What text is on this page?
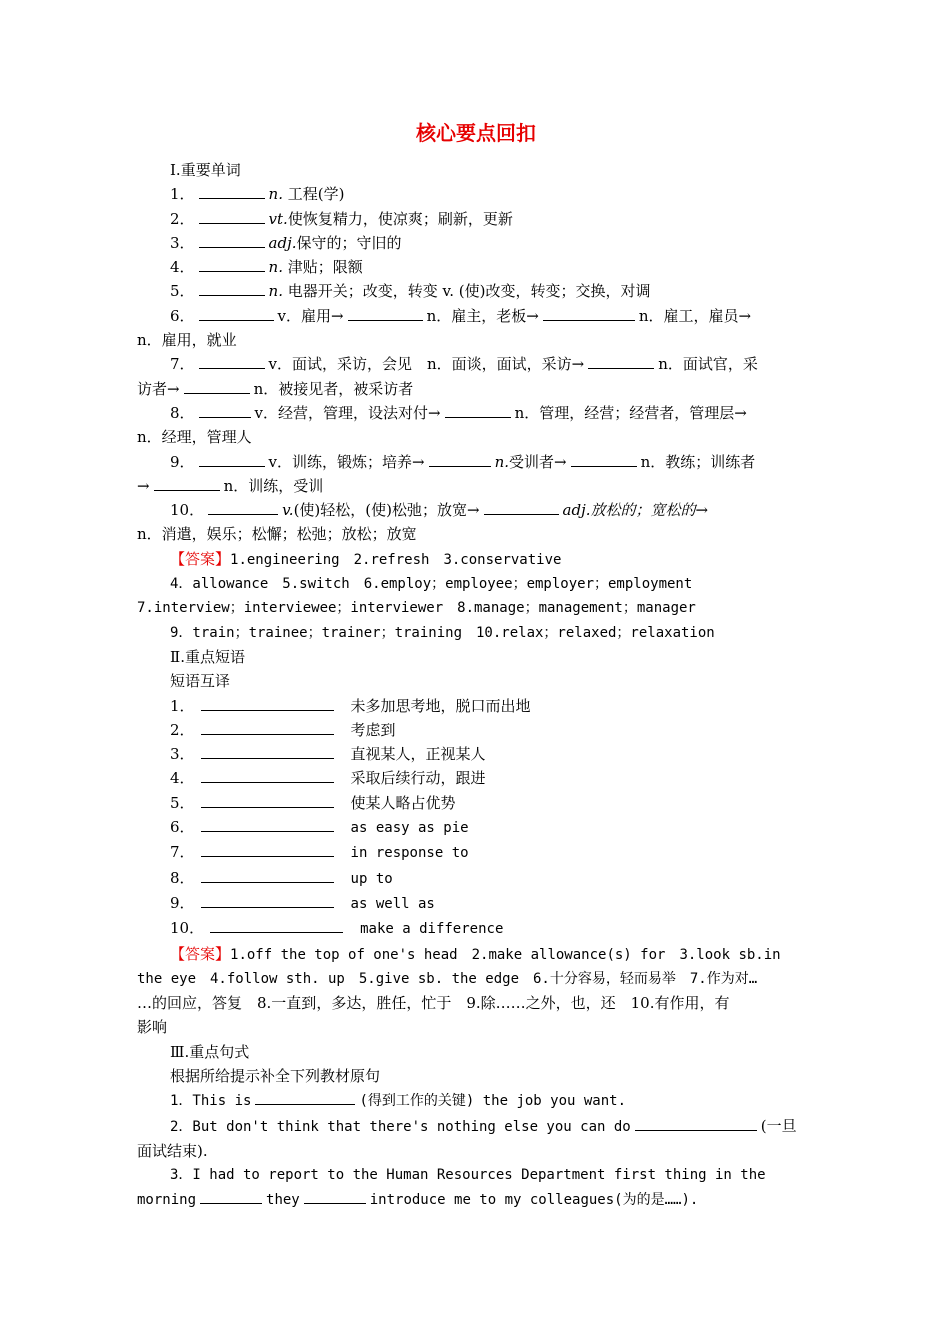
核心要点回扣
Ⅰ.重要单词
1．	n. 工程(学)
2．	vt.使恢复精力，使凉爽；刷新，更新
3．	adj.保守的；守旧的
4．	n. 津贴；限额
5．	n. 电器开关；改变，转变 v. (使)改变，转变；交换，对调
6．	v．雇用→	n．雇主，老板→	n．雇工，雇员→
n．雇用，就业
7．	v．面试，采访，会见　n．面谈，面试，采访→	n．面试官，采
访者→	n．被接见者，被采访者
8．	v．经营，管理，设法对付→	n．管理，经营；经营者，管理层→
n．经理，管理人
9．	v．训练，锻炼；培养→	n.受训者→	n．教练；训练者
→	n．训练，受训
10．	v.(使)轻松，(使)松弛；放宽→	adj.放松的；宽松的→
n．消遣，娱乐；松懈；松弛；放松；放宽
【答案】1.engineering　2.refresh　3.conservative
4．allowance　5.switch　6.employ；employee；employer；employment
7.interview；interviewee；interviewer　8.manage；management；manager
9．train；trainee；trainer；training　10.relax；relaxed；relaxation
Ⅱ.重点短语
短语互译
1．	未多加思考地，脱口而出地
2．	考虑到
3．	直视某人，正视某人
4．	采取后续行动，跟进
5．	使某人略占优势
6．	as easy as pie
7．	in response to
8．	up to
9．	as well as
10．	make a difference
【答案】1.off the top of one's head　2.make allowance(s) for　3.look sb.in
the eye　4.follow sth. up　5.give sb. the edge　6.十分容易，轻而易举　7.作为对…
…的回应，答复　8.一直到，多达，胜任，忙于　9.除……之外，也，还　10.有作用，有
影响
Ⅲ.重点句式
根据所给提示补全下列教材原句
1．This is	(得到工作的关键) the job you want.
2．But don't think that there's nothing else you can do	(一旦
面试结束).
3．I had to report to the Human Resources Department first thing in the
morning	they	introduce me to my colleagues(为的是……).
